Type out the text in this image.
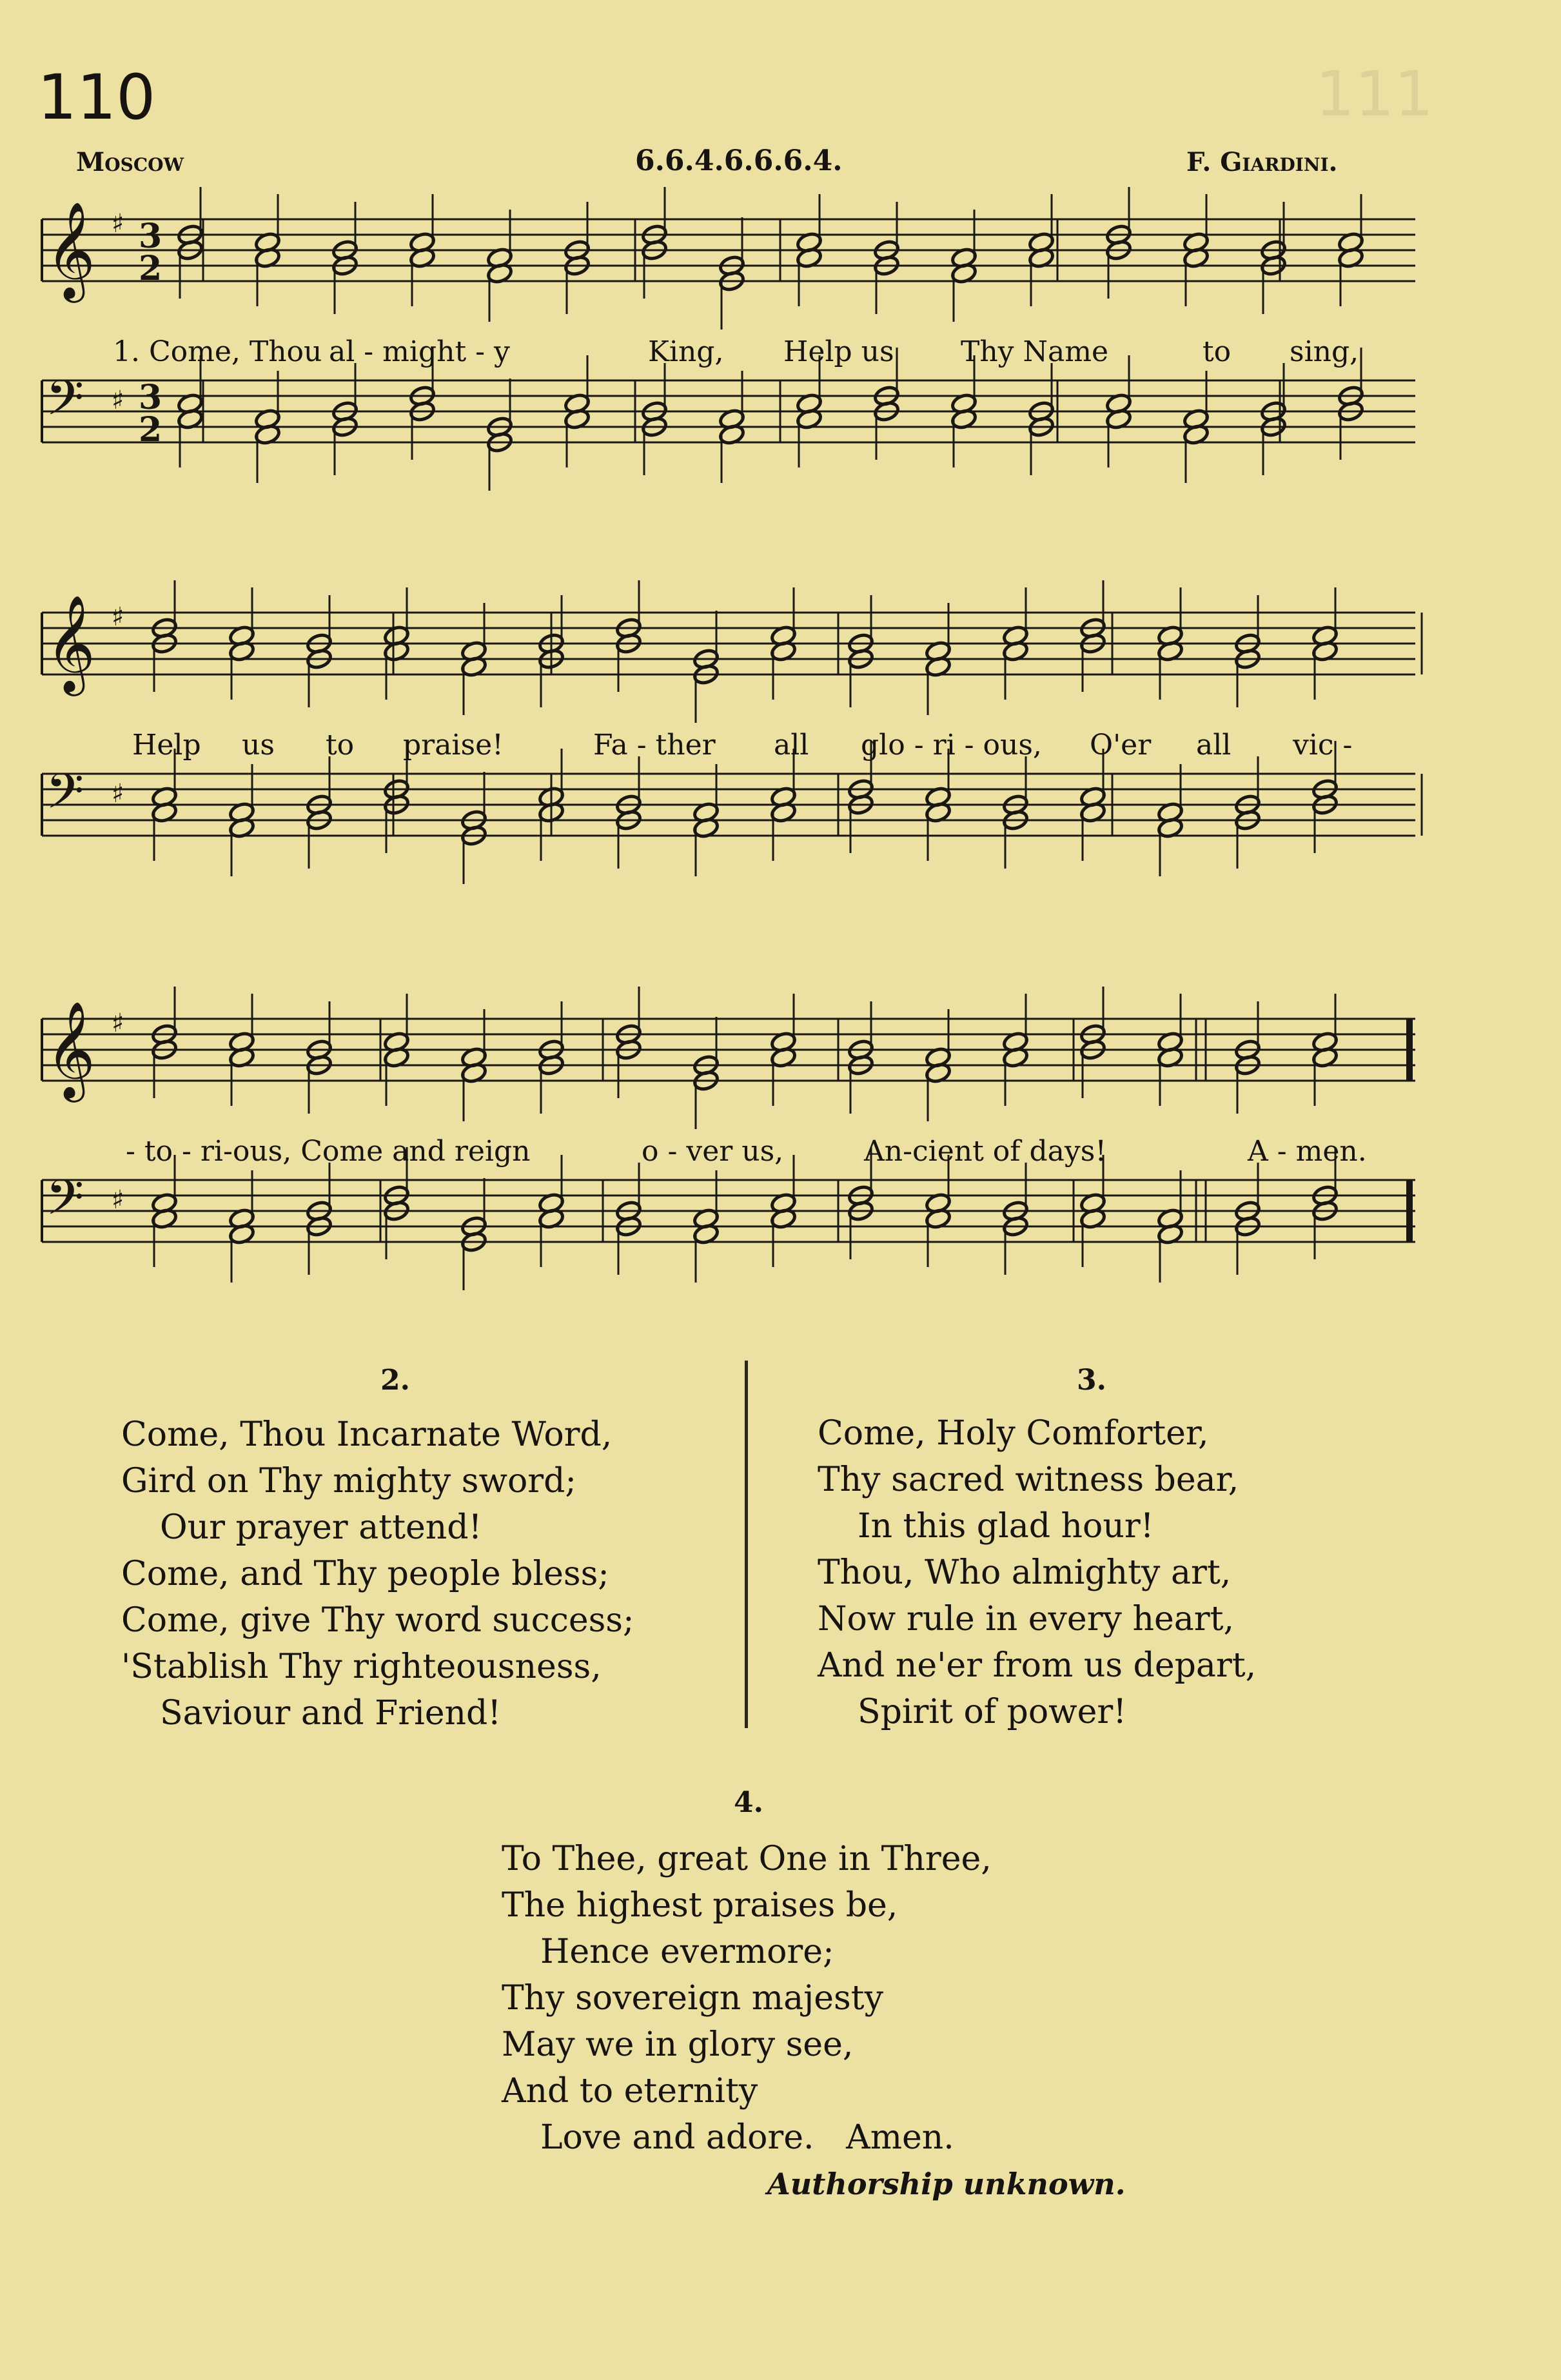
111
110
Moscow	6.6.4.6.6.6.4.	F. Giardini.
𝄞 ♯ 3
2
𝄢 ♯ 3
2
1. Come, Thou al - might - y	King, Help us Thy Name	to sing,
𝄞 ♯
𝄢 ♯
Help us to praise!	Fa - ther all glo - ri - ous, O'er all vic -
𝄞 ♯
𝄢 ♯
- to - ri-ous, Come and reign	o - ver us,	An-cient of days!	A - men.
2.
Come, Thou Incarnate Word,
Gird on Thy mighty sword;
Our prayer attend!
Come, and Thy people bless;
Come, give Thy word success;
'Stablish Thy righteousness,
Saviour and Friend!
3.
Come, Holy Comforter,
Thy sacred witness bear,
In this glad hour!
Thou, Who almighty art,
Now rule in every heart,
And ne'er from us depart,
Spirit of power!
4.
To Thee, great One in Three,
The highest praises be,
Hence evermore;
Thy sovereign majesty
May we in glory see,
And to eternity
Love and adore.   Amen.
Authorship unknown.
